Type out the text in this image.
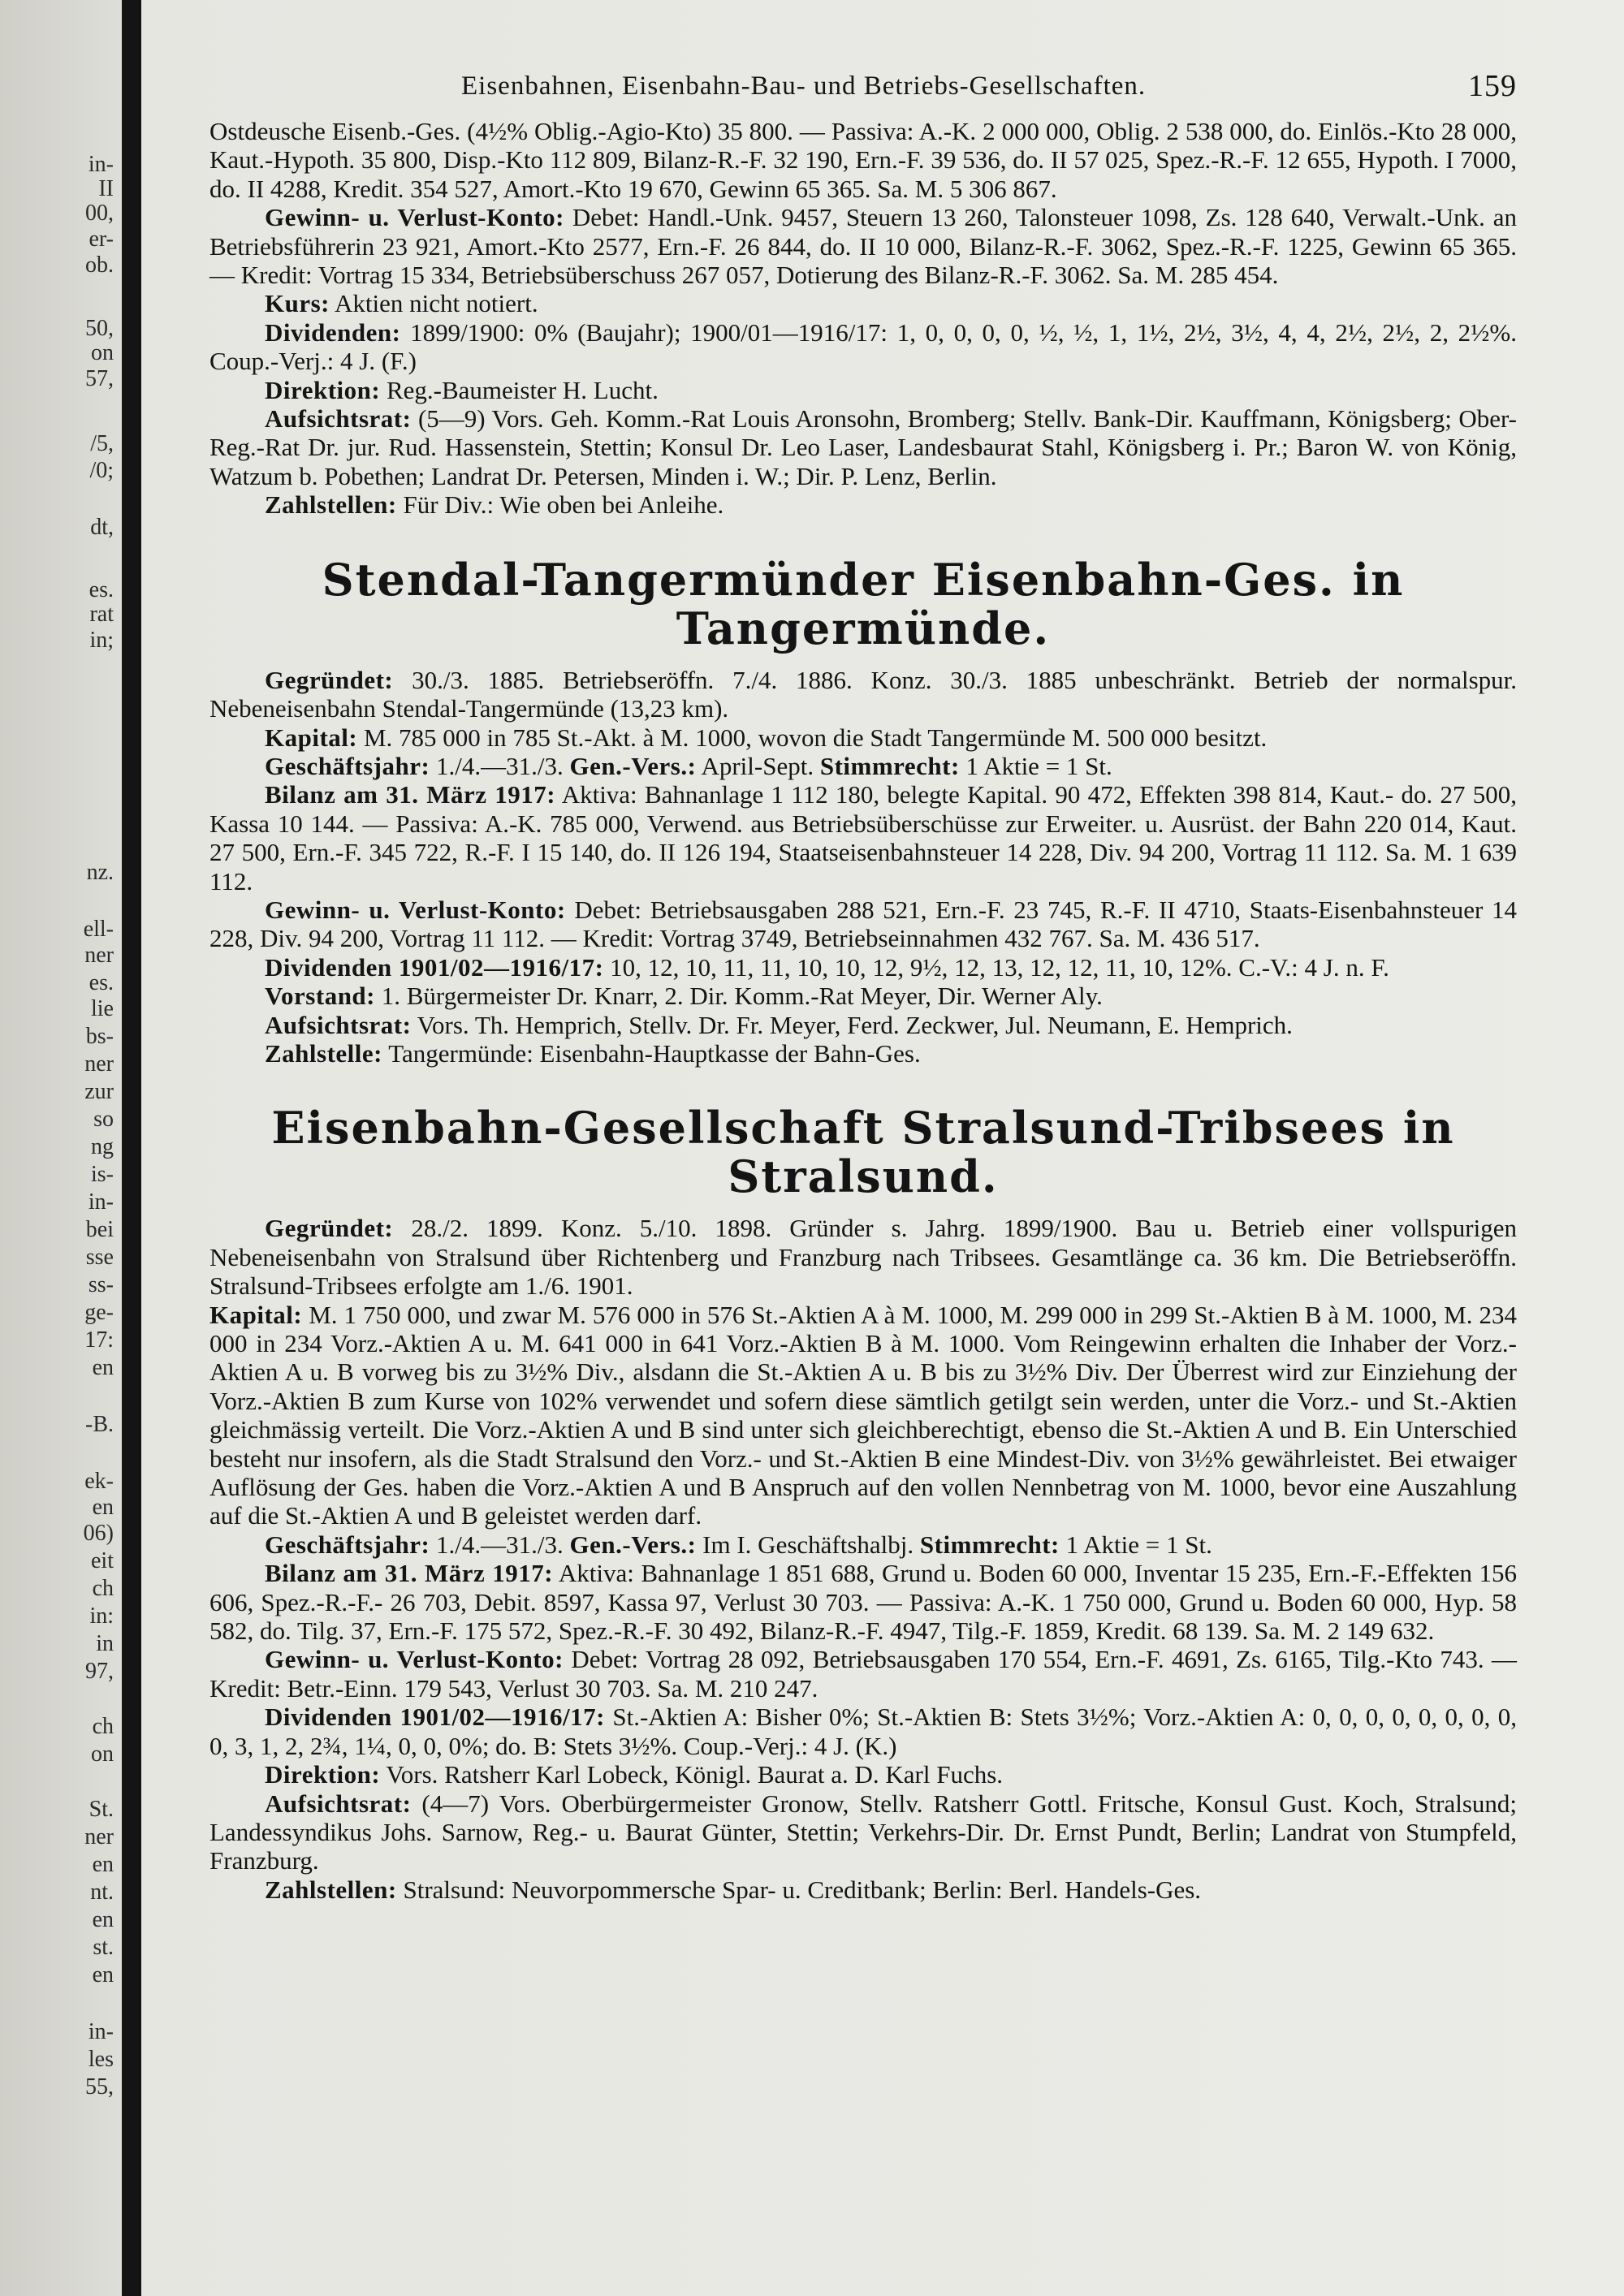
in-
II
00,
er-
ob.
50,
on
57,
/5,
/0;
dt,
es.
rat
in;
nz.
ell-
ner
es.
lie
bs-
ner
zur
so
ng
is-
in-
bei
sse
ss-
ge-
17:
en
-B.
ek-
en
06)
eit
ch
in:
in
97,
ch
on
St.
ner
en
nt.
en
st.
en
in-
les
55,
Eisenbahnen, Eisenbahn-Bau- und Betriebs-Gesellschaften.	159

Ostdeusche Eisenb.-Ges. (4½% Oblig.-Agio-Kto) 35 800. — Passiva: A.-K. 2 000 000, Oblig. 2 538 000, do. Einlös.-Kto 28 000, Kaut.-Hypoth. 35 800, Disp.-Kto 112 809, Bilanz-R.-F. 32 190, Ern.-F. 39 536, do. II 57 025, Spez.-R.-F. 12 655, Hypoth. I 7000, do. II 4288, Kredit. 354 527, Amort.-Kto 19 670, Gewinn 65 365. Sa. M. 5 306 867.

Gewinn- u. Verlust-Konto: Debet: Handl.-Unk. 9457, Steuern 13 260, Talonsteuer 1098, Zs. 128 640, Verwalt.-Unk. an Betriebsführerin 23 921, Amort.-Kto 2577, Ern.-F. 26 844, do. II 10 000, Bilanz-R.-F. 3062, Spez.-R.-F. 1225, Gewinn 65 365. — Kredit: Vortrag 15 334, Betriebsüberschuss 267 057, Dotierung des Bilanz-R.-F. 3062. Sa. M. 285 454.

Kurs: Aktien nicht notiert.

Dividenden: 1899/1900: 0% (Baujahr); 1900/01—1916/17: 1, 0, 0, 0, 0, ½, ½, 1, 1½, 2½, 3½, 4, 4, 2½, 2½, 2, 2½%. Coup.-Verj.: 4 J. (F.)

Direktion: Reg.-Baumeister H. Lucht.

Aufsichtsrat: (5—9) Vors. Geh. Komm.-Rat Louis Aronsohn, Bromberg; Stellv. Bank-Dir. Kauffmann, Königsberg; Ober-Reg.-Rat Dr. jur. Rud. Hassenstein, Stettin; Konsul Dr. Leo Laser, Landesbaurat Stahl, Königsberg i. Pr.; Baron W. von König, Watzum b. Pobethen; Landrat Dr. Petersen, Minden i. W.; Dir. P. Lenz, Berlin.

Zahlstellen: Für Div.: Wie oben bei Anleihe.

Stendal-Tangermünder Eisenbahn-Ges. in Tangermünde.

Gegründet: 30./3. 1885. Betriebseröffn. 7./4. 1886. Konz. 30./3. 1885 unbeschränkt. Betrieb der normalspur. Nebeneisenbahn Stendal-Tangermünde (13,23 km).

Kapital: M. 785 000 in 785 St.-Akt. à M. 1000, wovon die Stadt Tangermünde M. 500 000 besitzt.

Geschäftsjahr: 1./4.—31./3. Gen.-Vers.: April-Sept. Stimmrecht: 1 Aktie = 1 St.

Bilanz am 31. März 1917: Aktiva: Bahnanlage 1 112 180, belegte Kapital. 90 472, Effekten 398 814, Kaut.- do. 27 500, Kassa 10 144. — Passiva: A.-K. 785 000, Verwend. aus Betriebsüberschüsse zur Erweiter. u. Ausrüst. der Bahn 220 014, Kaut. 27 500, Ern.-F. 345 722, R.-F. I 15 140, do. II 126 194, Staatseisenbahnsteuer 14 228, Div. 94 200, Vortrag 11 112. Sa. M. 1 639 112.

Gewinn- u. Verlust-Konto: Debet: Betriebsausgaben 288 521, Ern.-F. 23 745, R.-F. II 4710, Staats-Eisenbahnsteuer 14 228, Div. 94 200, Vortrag 11 112. — Kredit: Vortrag 3749, Betriebseinnahmen 432 767. Sa. M. 436 517.

Dividenden 1901/02—1916/17: 10, 12, 10, 11, 11, 10, 10, 12, 9½, 12, 13, 12, 12, 11, 10, 12%. C.-V.: 4 J. n. F.

Vorstand: 1. Bürgermeister Dr. Knarr, 2. Dir. Komm.-Rat Meyer, Dir. Werner Aly.

Aufsichtsrat: Vors. Th. Hemprich, Stellv. Dr. Fr. Meyer, Ferd. Zeckwer, Jul. Neumann, E. Hemprich.

Zahlstelle: Tangermünde: Eisenbahn-Hauptkasse der Bahn-Ges.

Eisenbahn-Gesellschaft Stralsund-Tribsees in Stralsund.

Gegründet: 28./2. 1899. Konz. 5./10. 1898. Gründer s. Jahrg. 1899/1900. Bau u. Betrieb einer vollspurigen Nebeneisenbahn von Stralsund über Richtenberg und Franzburg nach Tribsees. Gesamtlänge ca. 36 km. Die Betriebseröffn. Stralsund-Tribsees erfolgte am 1./6. 1901.

Kapital: M. 1 750 000, und zwar M. 576 000 in 576 St.-Aktien A à M. 1000, M. 299 000 in 299 St.-Aktien B à M. 1000, M. 234 000 in 234 Vorz.-Aktien A u. M. 641 000 in 641 Vorz.-Aktien B à M. 1000. Vom Reingewinn erhalten die Inhaber der Vorz.-Aktien A u. B vorweg bis zu 3½% Div., alsdann die St.-Aktien A u. B bis zu 3½% Div. Der Überrest wird zur Einziehung der Vorz.-Aktien B zum Kurse von 102% verwendet und sofern diese sämtlich getilgt sein werden, unter die Vorz.- und St.-Aktien gleichmässig verteilt. Die Vorz.-Aktien A und B sind unter sich gleichberechtigt, ebenso die St.-Aktien A und B. Ein Unterschied besteht nur insofern, als die Stadt Stralsund den Vorz.- und St.-Aktien B eine Mindest-Div. von 3½% gewährleistet. Bei etwaiger Auflösung der Ges. haben die Vorz.-Aktien A und B Anspruch auf den vollen Nennbetrag von M. 1000, bevor eine Auszahlung auf die St.-Aktien A und B geleistet werden darf.

Geschäftsjahr: 1./4.—31./3. Gen.-Vers.: Im I. Geschäftshalbj. Stimmrecht: 1 Aktie = 1 St.

Bilanz am 31. März 1917: Aktiva: Bahnanlage 1 851 688, Grund u. Boden 60 000, Inventar 15 235, Ern.-F.-Effekten 156 606, Spez.-R.-F.- 26 703, Debit. 8597, Kassa 97, Verlust 30 703. — Passiva: A.-K. 1 750 000, Grund u. Boden 60 000, Hyp. 58 582, do. Tilg. 37, Ern.-F. 175 572, Spez.-R.-F. 30 492, Bilanz-R.-F. 4947, Tilg.-F. 1859, Kredit. 68 139. Sa. M. 2 149 632.

Gewinn- u. Verlust-Konto: Debet: Vortrag 28 092, Betriebsausgaben 170 554, Ern.-F. 4691, Zs. 6165, Tilg.-Kto 743. — Kredit: Betr.-Einn. 179 543, Verlust 30 703. Sa. M. 210 247.

Dividenden 1901/02—1916/17: St.-Aktien A: Bisher 0%; St.-Aktien B: Stets 3½%; Vorz.-Aktien A: 0, 0, 0, 0, 0, 0, 0, 0, 0, 3, 1, 2, 2¾, 1¼, 0, 0, 0%; do. B: Stets 3½%. Coup.-Verj.: 4 J. (K.)

Direktion: Vors. Ratsherr Karl Lobeck, Königl. Baurat a. D. Karl Fuchs.

Aufsichtsrat: (4—7) Vors. Oberbürgermeister Gronow, Stellv. Ratsherr Gottl. Fritsche, Konsul Gust. Koch, Stralsund; Landessyndikus Johs. Sarnow, Reg.- u. Baurat Günter, Stettin; Verkehrs-Dir. Dr. Ernst Pundt, Berlin; Landrat von Stumpfeld, Franzburg.

Zahlstellen: Stralsund: Neuvorpommersche Spar- u. Creditbank; Berlin: Berl. Handels-Ges.
